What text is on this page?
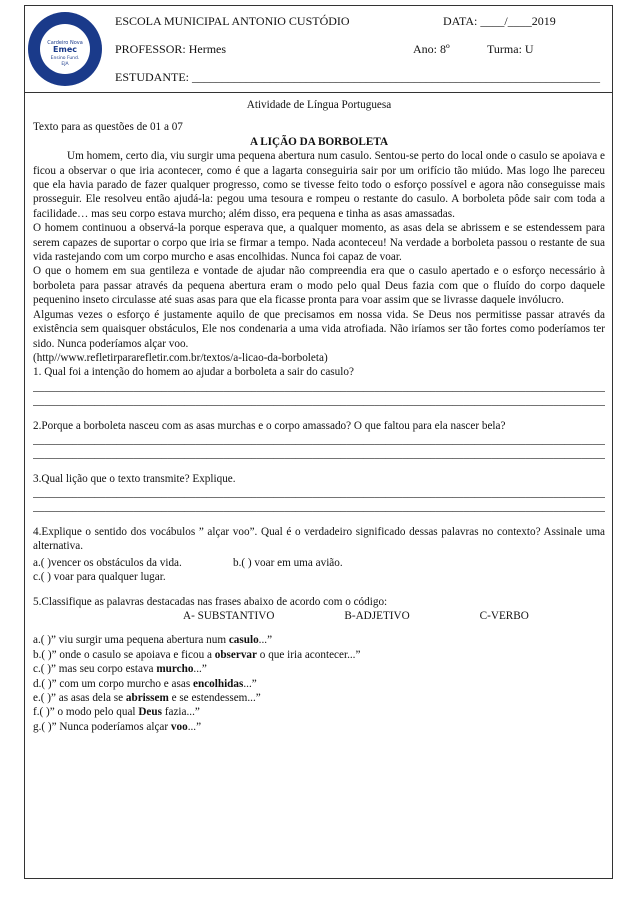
Cardeiro Nova
Emec
Ensino Fund.
EJA
ESCOLA MUNICIPAL ANTONIO CUSTÓDIO	DATA: ____/____2019
PROFESSOR: Hermes	Ano: 8º	Turma: U
ESTUDANTE: ____________________________________________________________________

Atividade de Língua Portuguesa

Texto para as questões de 01 a 07

A LIÇÃO DA BORBOLETA

Um homem, certo dia, viu surgir uma pequena abertura num casulo. Sentou-se perto do local onde o casulo se apoiava e ficou a observar o que iria acontecer, como é que a lagarta conseguiria sair por um orifício tão miúdo. Mas logo lhe pareceu que ela havia parado de fazer qualquer progresso, como se tivesse feito todo o esforço possível e agora não conseguisse mais prosseguir. Ele resolveu então ajudá-la: pegou uma tesoura e rompeu o restante do casulo. A borboleta pôde sair com toda a facilidade… mas seu corpo estava murcho; além disso, era pequena e tinha as asas amassadas.

O homem continuou a observá-la porque esperava que, a qualquer momento, as asas dela se abrissem e se estendessem para serem capazes de suportar o corpo que iria se firmar a tempo. Nada aconteceu! Na verdade a borboleta passou o restante de sua vida rastejando com um corpo murcho e asas encolhidas. Nunca foi capaz de voar.

O que o homem em sua gentileza e vontade de ajudar não compreendia era que o casulo apertado e o esforço necessário à borboleta para passar através da pequena abertura eram o modo pelo qual Deus fazia com que o fluído do corpo daquele pequenino inseto circulasse até suas asas para que ela ficasse pronta para voar assim que se livrasse daquele invólucro.

Algumas vezes o esforço é justamente aquilo de que precisamos em nossa vida. Se Deus nos permitisse passar através da existência sem quaisquer obstáculos, Ele nos condenaria a uma vida atrofiada. Não iríamos ser tão fortes como poderíamos ter sido. Nunca poderíamos alçar voo.

(http//www.refletirpararefletir.com.br/textos/a-licao-da-borboleta)

1. Qual foi a intenção do homem ao ajudar a borboleta a sair do casulo?

_____
_____

2.Porque a borboleta nasceu com as asas murchas e o corpo amassado? O que faltou para ela nascer bela?

_____
_____

3.Qual lição que o texto transmite? Explique.

_____
_____

4.Explique o sentido dos vocábulos ” alçar voo”. Qual é o verdadeiro significado dessas palavras no contexto? Assinale uma alternativa.

a.( )vencer os obstáculos da vida.	b.( ) voar em uma avião.

c.( ) voar para qualquer lugar.

5.Classifique as palavras destacadas nas frases abaixo de acordo com o código:

A- SUBSTANTIVO	B-ADJETIVO	C-VERBO

a.( )” viu surgir uma pequena abertura num casulo...”

b.( )” onde o casulo se apoiava e ficou a observar o que iria acontecer...”

c.( )” mas seu corpo estava murcho...”

d.( )” com um corpo murcho e asas encolhidas...”

e.( )” as asas dela se abrissem e se estendessem...”

f.( )” o modo pelo qual Deus fazia...”

g.( )” Nunca poderíamos alçar voo...”
